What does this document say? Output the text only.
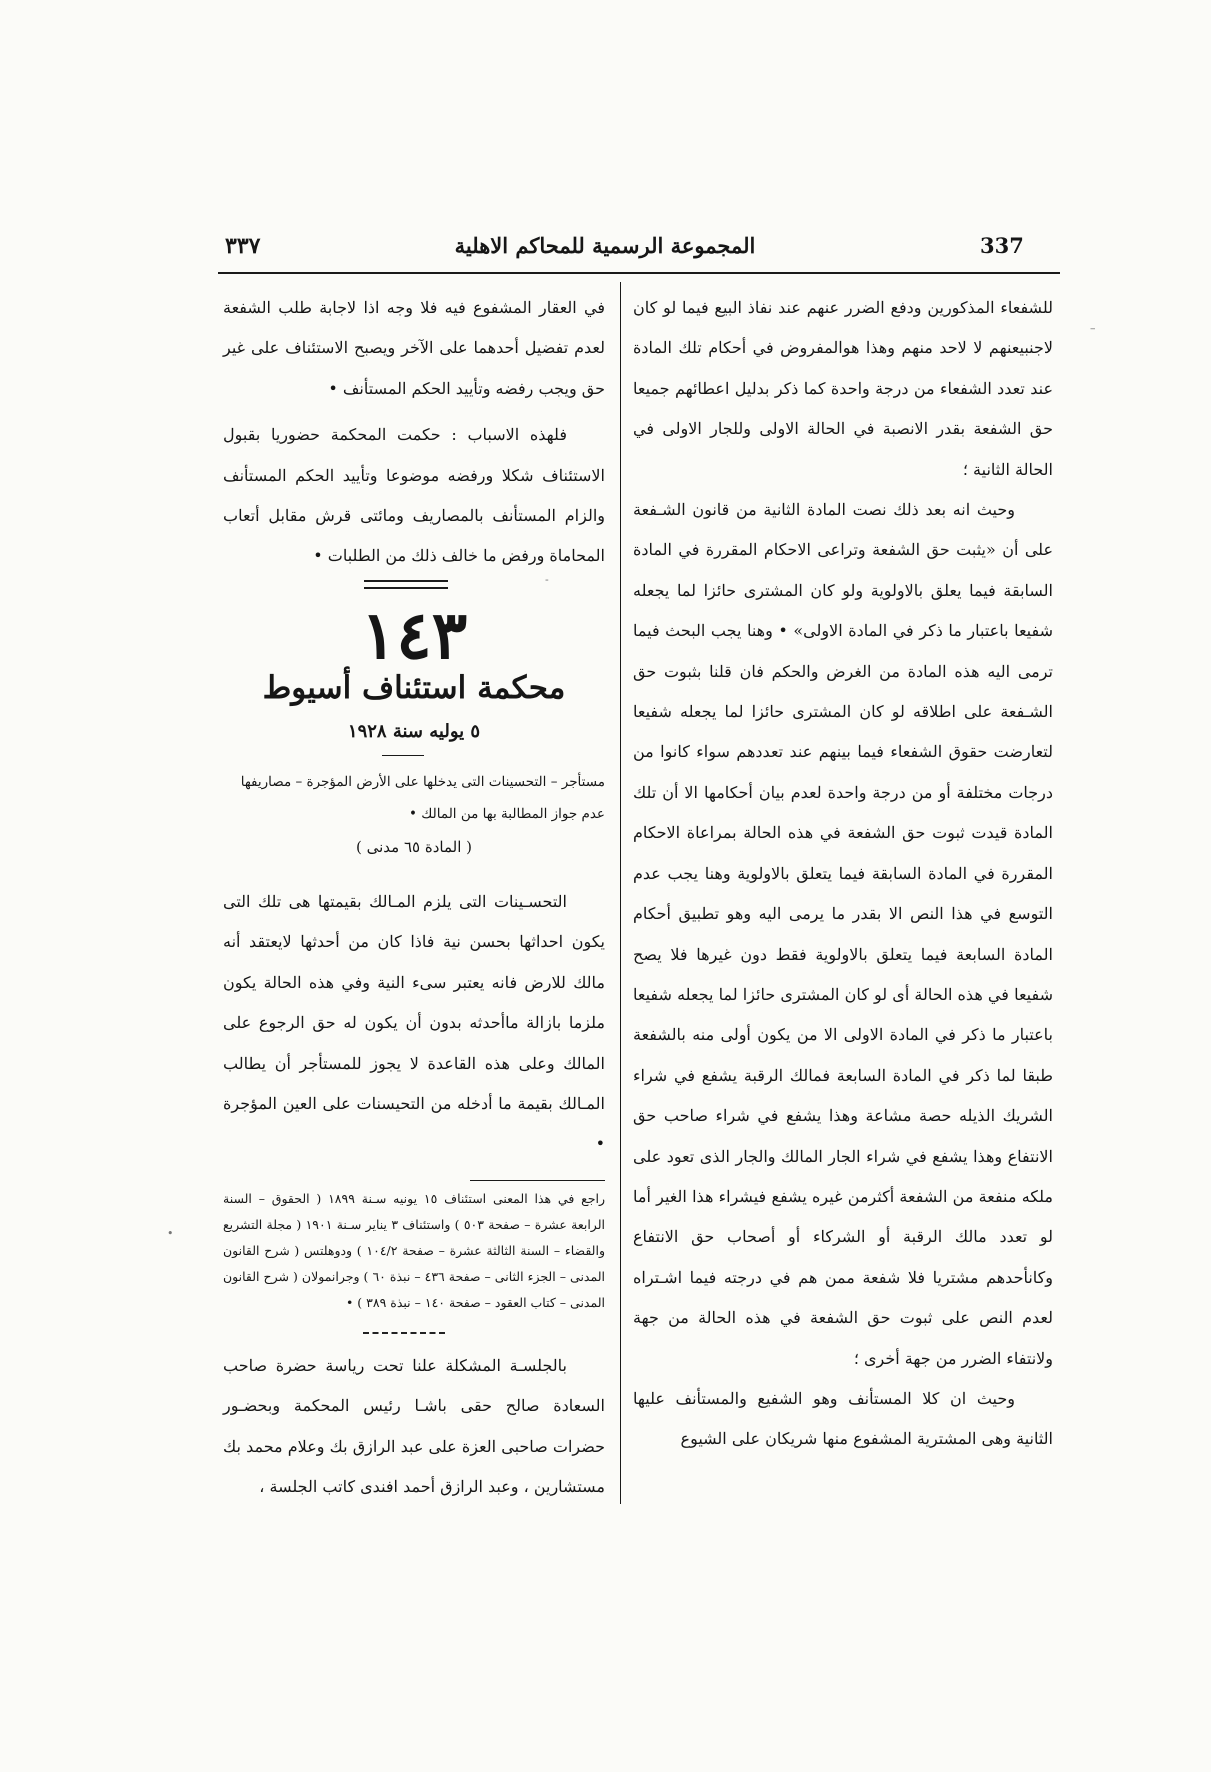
337
المجموعة الرسمية للمحاكم الاهلية
٣٣٧

للشفعاء المذكورين ودفع الضرر عنهم عند نفاذ البيع فيما لو كان لاجنبيعنهم لا لاحد منهم وهذا هوالمفروض في أحكام تلك المادة عند تعدد الشفعاء من درجة واحدة كما ذكر بدليل اعطائهم جميعا حق الشفعة بقدر الانصبة في الحالة الاولى وللجار الاولى في الحالة الثانية ؛

وحيث انه بعد ذلك نصت المادة الثانية من قانون الشـفعة على أن «يثبت حق الشفعة وتراعى الاحكام المقررة في المادة السابقة فيما يعلق بالاولوية ولو كان المشترى حائزا لما يجعله شفيعا باعتبار ما ذكر في المادة الاولى» • وهنا يجب البحث فيما ترمى اليه هذه المادة من الغرض والحكم فان قلنا بثبوت حق الشـفعة على اطلاقه لو كان المشترى حائزا لما يجعله شفيعا لتعارضت حقوق الشفعاء فيما بينهم عند تعددهم سواء كانوا من درجات مختلفة أو من درجة واحدة لعدم بيان أحكامها الا أن تلك المادة قيدت ثبوت حق الشفعة في هذه الحالة بمراعاة الاحكام المقررة في المادة السابقة فيما يتعلق بالاولوية وهنا يجب عدم التوسع في هذا النص الا بقدر ما يرمى اليه وهو تطبيق أحكام المادة السابعة فيما يتعلق بالاولوية فقط دون غيرها فلا يصح شفيعا في هذه الحالة أى لو كان المشترى حائزا لما يجعله شفيعا باعتبار ما ذكر في المادة الاولى الا من يكون أولى منه بالشفعة طبقا لما ذكر في المادة السابعة فمالك الرقبة يشفع في شراء الشريك الذيله حصة مشاعة وهذا يشفع في شراء صاحب حق الانتفاع وهذا يشفع في شراء الجار المالك والجار الذى تعود على ملكه منفعة من الشفعة أكثرمن غيره يشفع فيشراء هذا الغير أما لو تعدد مالك الرقبة أو الشركاء أو أصحاب حق الانتفاع وكانأحدهم مشتريا فلا شفعة ممن هم في درجته فيما اشـتراه لعدم النص على ثبوت حق الشفعة في هذه الحالة من جهة ولانتفاء الضرر من جهة أخرى ؛

وحيث ان كلا المستأنف وهو الشفيع والمستأنف عليها الثانية وهى المشترية المشفوع منها شريكان على الشيوع

في العقار المشفوع فيه فلا وجه اذا لاجابة طلب الشفعة لعدم تفضيل أحدهما على الآخر ويصبح الاستئناف على غير حق ويجب رفضه وتأييد الحكم المستأنف •

فلهذه الاسباب : حكمت المحكمة حضوريا بقبول الاستئناف شكلا ورفضه موضوعا وتأييد الحكم المستأنف والزام المستأنف بالمصاريف ومائتى قرش مقابل أتعاب المحاماة ورفض ما خالف ذلك من الطلبات •

١٤٣
محكمة استئناف أسيوط
٥ يوليه سنة ١٩٢٨
مستأجر – التحسينات التى يدخلها على الأرض المؤجرة – مصاريفها عدم جواز المطالبة بها من المالك •
( المادة ٦٥ مدنى )

التحسـينات التى يلزم المـالك بقيمتها هى تلك التى يكون احداثها بحسن نية فاذا كان من أحدثها لايعتقد أنه مالك للارض فانه يعتبر سىء النية وفي هذه الحالة يكون ملزما بازالة ماأحدثه بدون أن يكون له حق الرجوع على المالك وعلى هذه القاعدة لا يجوز للمستأجر أن يطالب المـالك بقيمة ما أدخله من التحيسنات على العين المؤجرة •

راجع في هذا المعنى استئناف ١٥ يونيه سـنة ١٨٩٩ ( الحقوق – السنة الرابعة عشرة – صفحة ٥٠٣ ) واستئناف ٣ يناير سـنة ١٩٠١ ( مجلة التشريع والقضاء – السنة الثالثة عشرة – صفحة ١٠٤/٢ ) ودوهلتس ( شرح القانون المدنى – الجزء الثانى – صفحة ٤٣٦ – نبذة ٦٠ ) وجرانمولان ( شرح القانون المدنى – كتاب العقود – صفحة ١٤٠ – نبذة ٣٨٩ ) •

بالجلسـة المشكلة علنا تحت رياسة حضرة صاحب السعادة صالح حقى باشـا رئيس المحكمة وبحضـور حضرات صاحبى العزة على عبد الرازق بك وعلام محمد بك مستشارين ، وعبد الرازق أحمد افندى كاتب الجلسة ،

–
-
•
